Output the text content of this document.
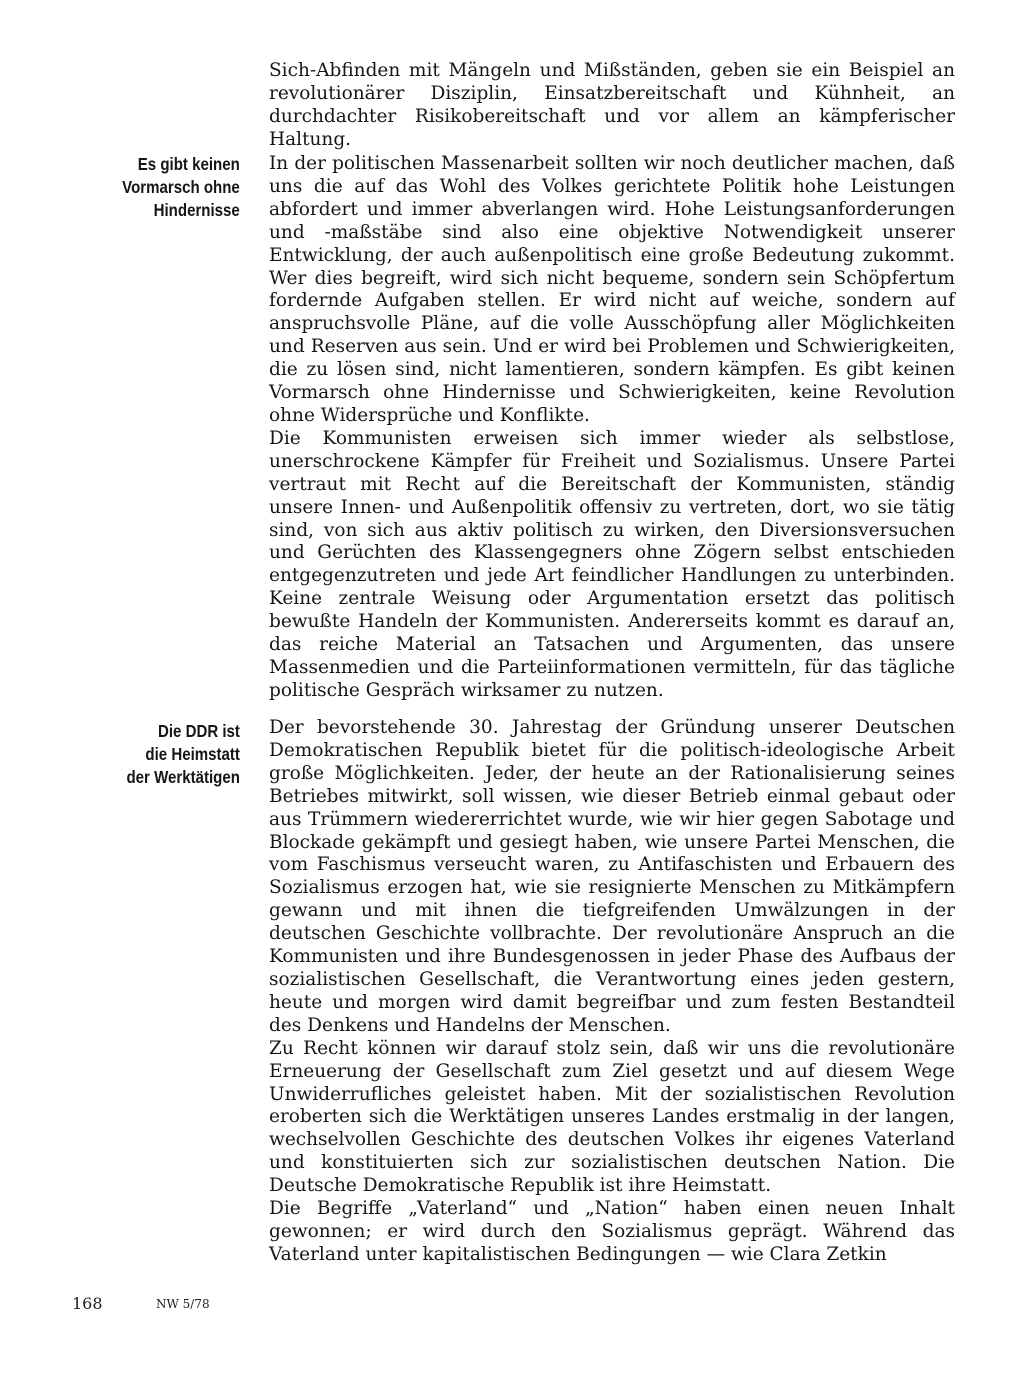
Es gibt keinen
Vormarsch ohne
Hindernisse
Die DDR ist
die Heimstatt
der Werktätigen

Sich-Abfinden mit Mängeln und Mißständen, geben sie ein Beispiel an revolutionärer Disziplin, Einsatzbereitschaft und Kühnheit, an durchdachter Risikobereitschaft und vor allem an kämpferischer Haltung.

In der politischen Massenarbeit sollten wir noch deutlicher machen, daß uns die auf das Wohl des Volkes gerichtete Politik hohe Leistungen abfordert und immer abverlangen wird. Hohe Leistungsanforderungen und -maßstäbe sind also eine objektive Notwendigkeit unserer Entwicklung, der auch außenpolitisch eine große Bedeutung zukommt. Wer dies begreift, wird sich nicht bequeme, sondern sein Schöpfertum fordernde Aufgaben stellen. Er wird nicht auf weiche, sondern auf anspruchsvolle Pläne, auf die volle Ausschöpfung aller Möglichkeiten und Reserven aus sein. Und er wird bei Problemen und Schwierigkeiten, die zu lösen sind, nicht lamentieren, sondern kämpfen. Es gibt keinen Vormarsch ohne Hindernisse und Schwierigkeiten, keine Revolution ohne Widersprüche und Konflikte.

Die Kommunisten erweisen sich immer wieder als selbstlose, unerschrockene Kämpfer für Freiheit und Sozialismus. Unsere Partei vertraut mit Recht auf die Bereitschaft der Kommunisten, ständig unsere Innen- und Außenpolitik offensiv zu vertreten, dort, wo sie tätig sind, von sich aus aktiv politisch zu wirken, den Diversionsversuchen und Gerüchten des Klassengegners ohne Zögern selbst entschieden entgegenzutreten und jede Art feindlicher Handlungen zu unterbinden. Keine zentrale Weisung oder Argumentation ersetzt das politisch bewußte Handeln der Kommunisten. Andererseits kommt es darauf an, das reiche Material an Tatsachen und Argumenten, das unsere Massenmedien und die Parteiinformationen vermitteln, für das tägliche politische Gespräch wirksamer zu nutzen.

Der bevorstehende 30. Jahrestag der Gründung unserer Deutschen Demokratischen Republik bietet für die politisch-ideologische Arbeit große Möglichkeiten. Jeder, der heute an der Rationalisierung seines Betriebes mitwirkt, soll wissen, wie dieser Betrieb einmal gebaut oder aus Trümmern wiedererrichtet wurde, wie wir hier gegen Sabotage und Blockade gekämpft und gesiegt haben, wie unsere Partei Menschen, die vom Faschismus verseucht waren, zu Antifaschisten und Erbauern des Sozialismus erzogen hat, wie sie resignierte Menschen zu Mitkämpfern gewann und mit ihnen die tiefgreifenden Umwälzungen in der deutschen Geschichte vollbrachte. Der revolutionäre Anspruch an die Kommunisten und ihre Bundesgenossen in jeder Phase des Aufbaus der sozialistischen Gesellschaft, die Verantwortung eines jeden gestern, heute und morgen wird damit begreifbar und zum festen Bestandteil des Denkens und Handelns der Menschen.

Zu Recht können wir darauf stolz sein, daß wir uns die revolutionäre Erneuerung der Gesellschaft zum Ziel gesetzt und auf diesem Wege Unwiderrufliches geleistet haben. Mit der sozialistischen Revolution eroberten sich die Werktätigen unseres Landes erstmalig in der langen, wechselvollen Geschichte des deutschen Volkes ihr eigenes Vaterland und konstituierten sich zur sozialistischen deutschen Nation. Die Deutsche Demokratische Republik ist ihre Heimstatt.

Die Begriffe „Vaterland“ und „Nation“ haben einen neuen Inhalt gewonnen; er wird durch den Sozialismus geprägt. Während das Vaterland unter kapitalistischen Bedingungen — wie Clara Zetkin

168	NW 5/78
